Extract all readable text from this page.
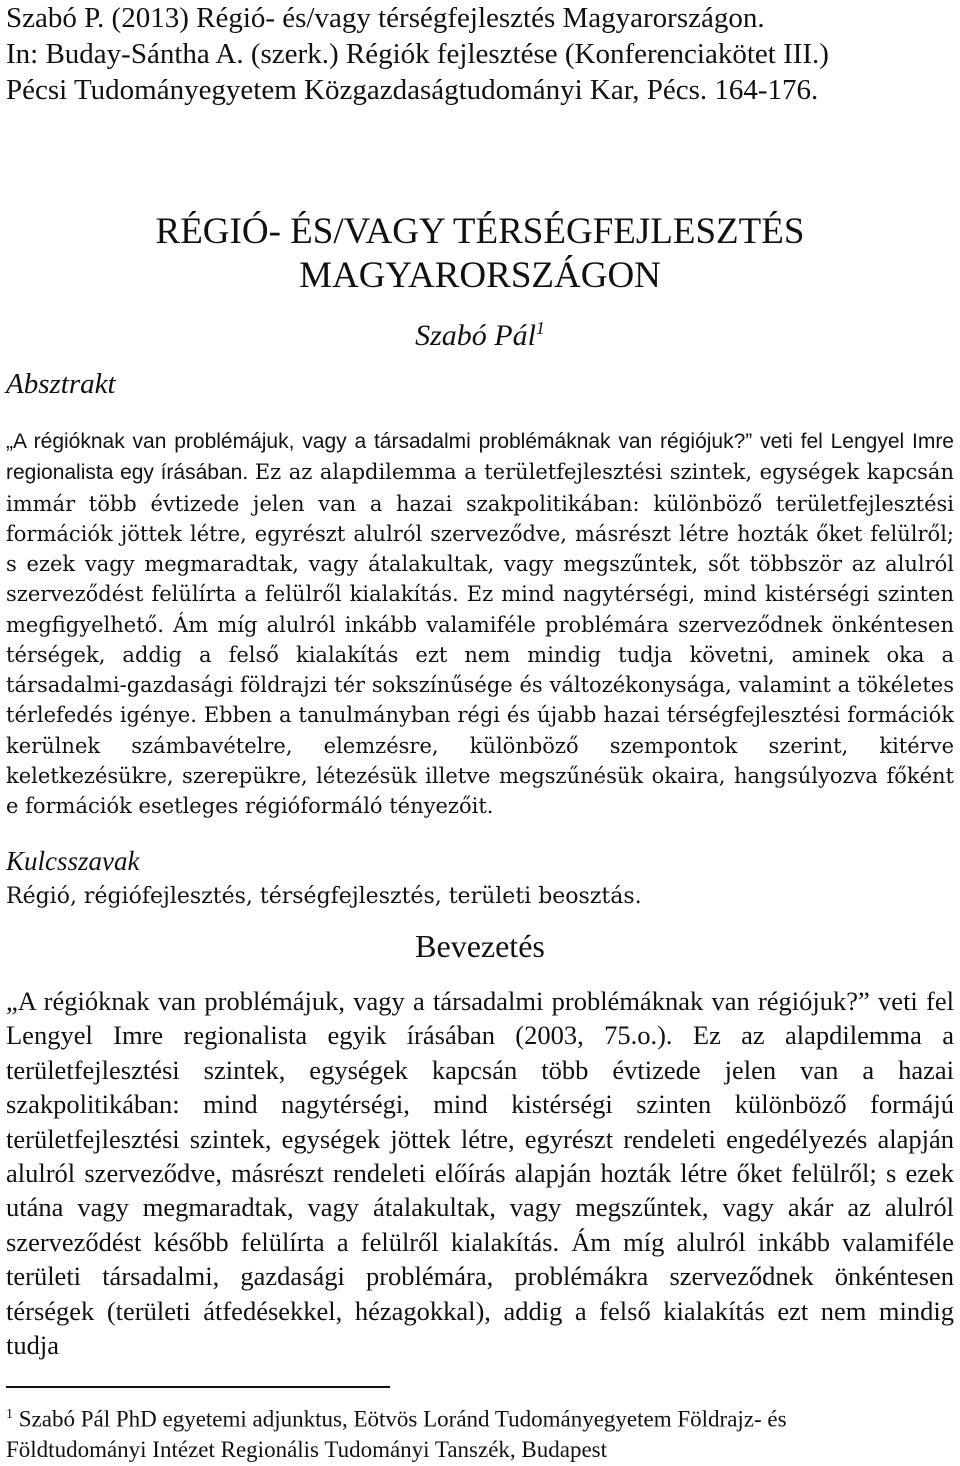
Szabó P. (2013) Régió- és/vagy térségfejlesztés Magyarországon.
In: Buday-Sántha A. (szerk.) Régiók fejlesztése (Konferenciakötet III.)
Pécsi Tudományegyetem Közgazdaságtudományi Kar, Pécs. 164-176.
RÉGIÓ- ÉS/VAGY TÉRSÉGFEJLESZTÉS
MAGYARORSZÁGON
Szabó Pál$^1$
Absztrakt
„A régióknak van problémájuk, vagy a társadalmi problémáknak van régiójuk?” veti fel Lengyel Imre regionalista egy írásában. Ez az alapdilemma a területfejlesztési szintek, egységek kapcsán immár több évtizede jelen van a hazai szakpolitikában: különböző területfejlesztési formációk jöttek létre, egyrészt alulról szerveződve, másrészt létre hozták őket felülről; s ezek vagy megmaradtak, vagy átalakultak, vagy megszűntek, sőt többször az alulról szerveződést felülírta a felülről kialakítás. Ez mind nagytérségi, mind kistérségi szinten megfigyelhető. Ám míg alulról inkább valamiféle problémára szerveződnek önkéntesen térségek, addig a felső kialakítás ezt nem mindig tudja követni, aminek oka a társadalmi-gazdasági földrajzi tér sokszínűsége és változékonysága, valamint a tökéletes térlefedés igénye. Ebben a tanulmányban régi és újabb hazai térségfejlesztési formációk kerülnek számbavételre, elemzésre, különböző szempontok szerint, kitérve keletkezésükre, szerepükre, létezésük illetve megszűnésük okaira, hangsúlyozva főként e formációk esetleges régióformáló tényezőit.
Kulcsszavak
Régió, régiófejlesztés, térségfejlesztés, területi beosztás.
Bevezetés
„A régióknak van problémájuk, vagy a társadalmi problémáknak van régiójuk?” veti fel Lengyel Imre regionalista egyik írásában (2003, 75.o.). Ez az alapdilemma a területfejlesztési szintek, egységek kapcsán több évtizede jelen van a hazai szakpolitikában: mind nagytérségi, mind kistérségi szinten különböző formájú területfejlesztési szintek, egységek jöttek létre, egyrészt rendeleti engedélyezés alapján alulról szerveződve, másrészt rendeleti előírás alapján hozták létre őket felülről; s ezek utána vagy megmaradtak, vagy átalakultak, vagy megszűntek, vagy akár az alulról szerveződést később felülírta a felülről kialakítás. Ám míg alulról inkább valamiféle területi társadalmi, gazdasági problémára, problémákra szerveződnek önkéntesen térségek (területi átfedésekkel, hézagokkal), addig a felső kialakítás ezt nem mindig tudja
$^1$ Szabó Pál PhD egyetemi adjunktus, Eötvös Loránd Tudományegyetem Földrajz- és
Földtudományi Intézet Regionális Tudományi Tanszék, Budapest
